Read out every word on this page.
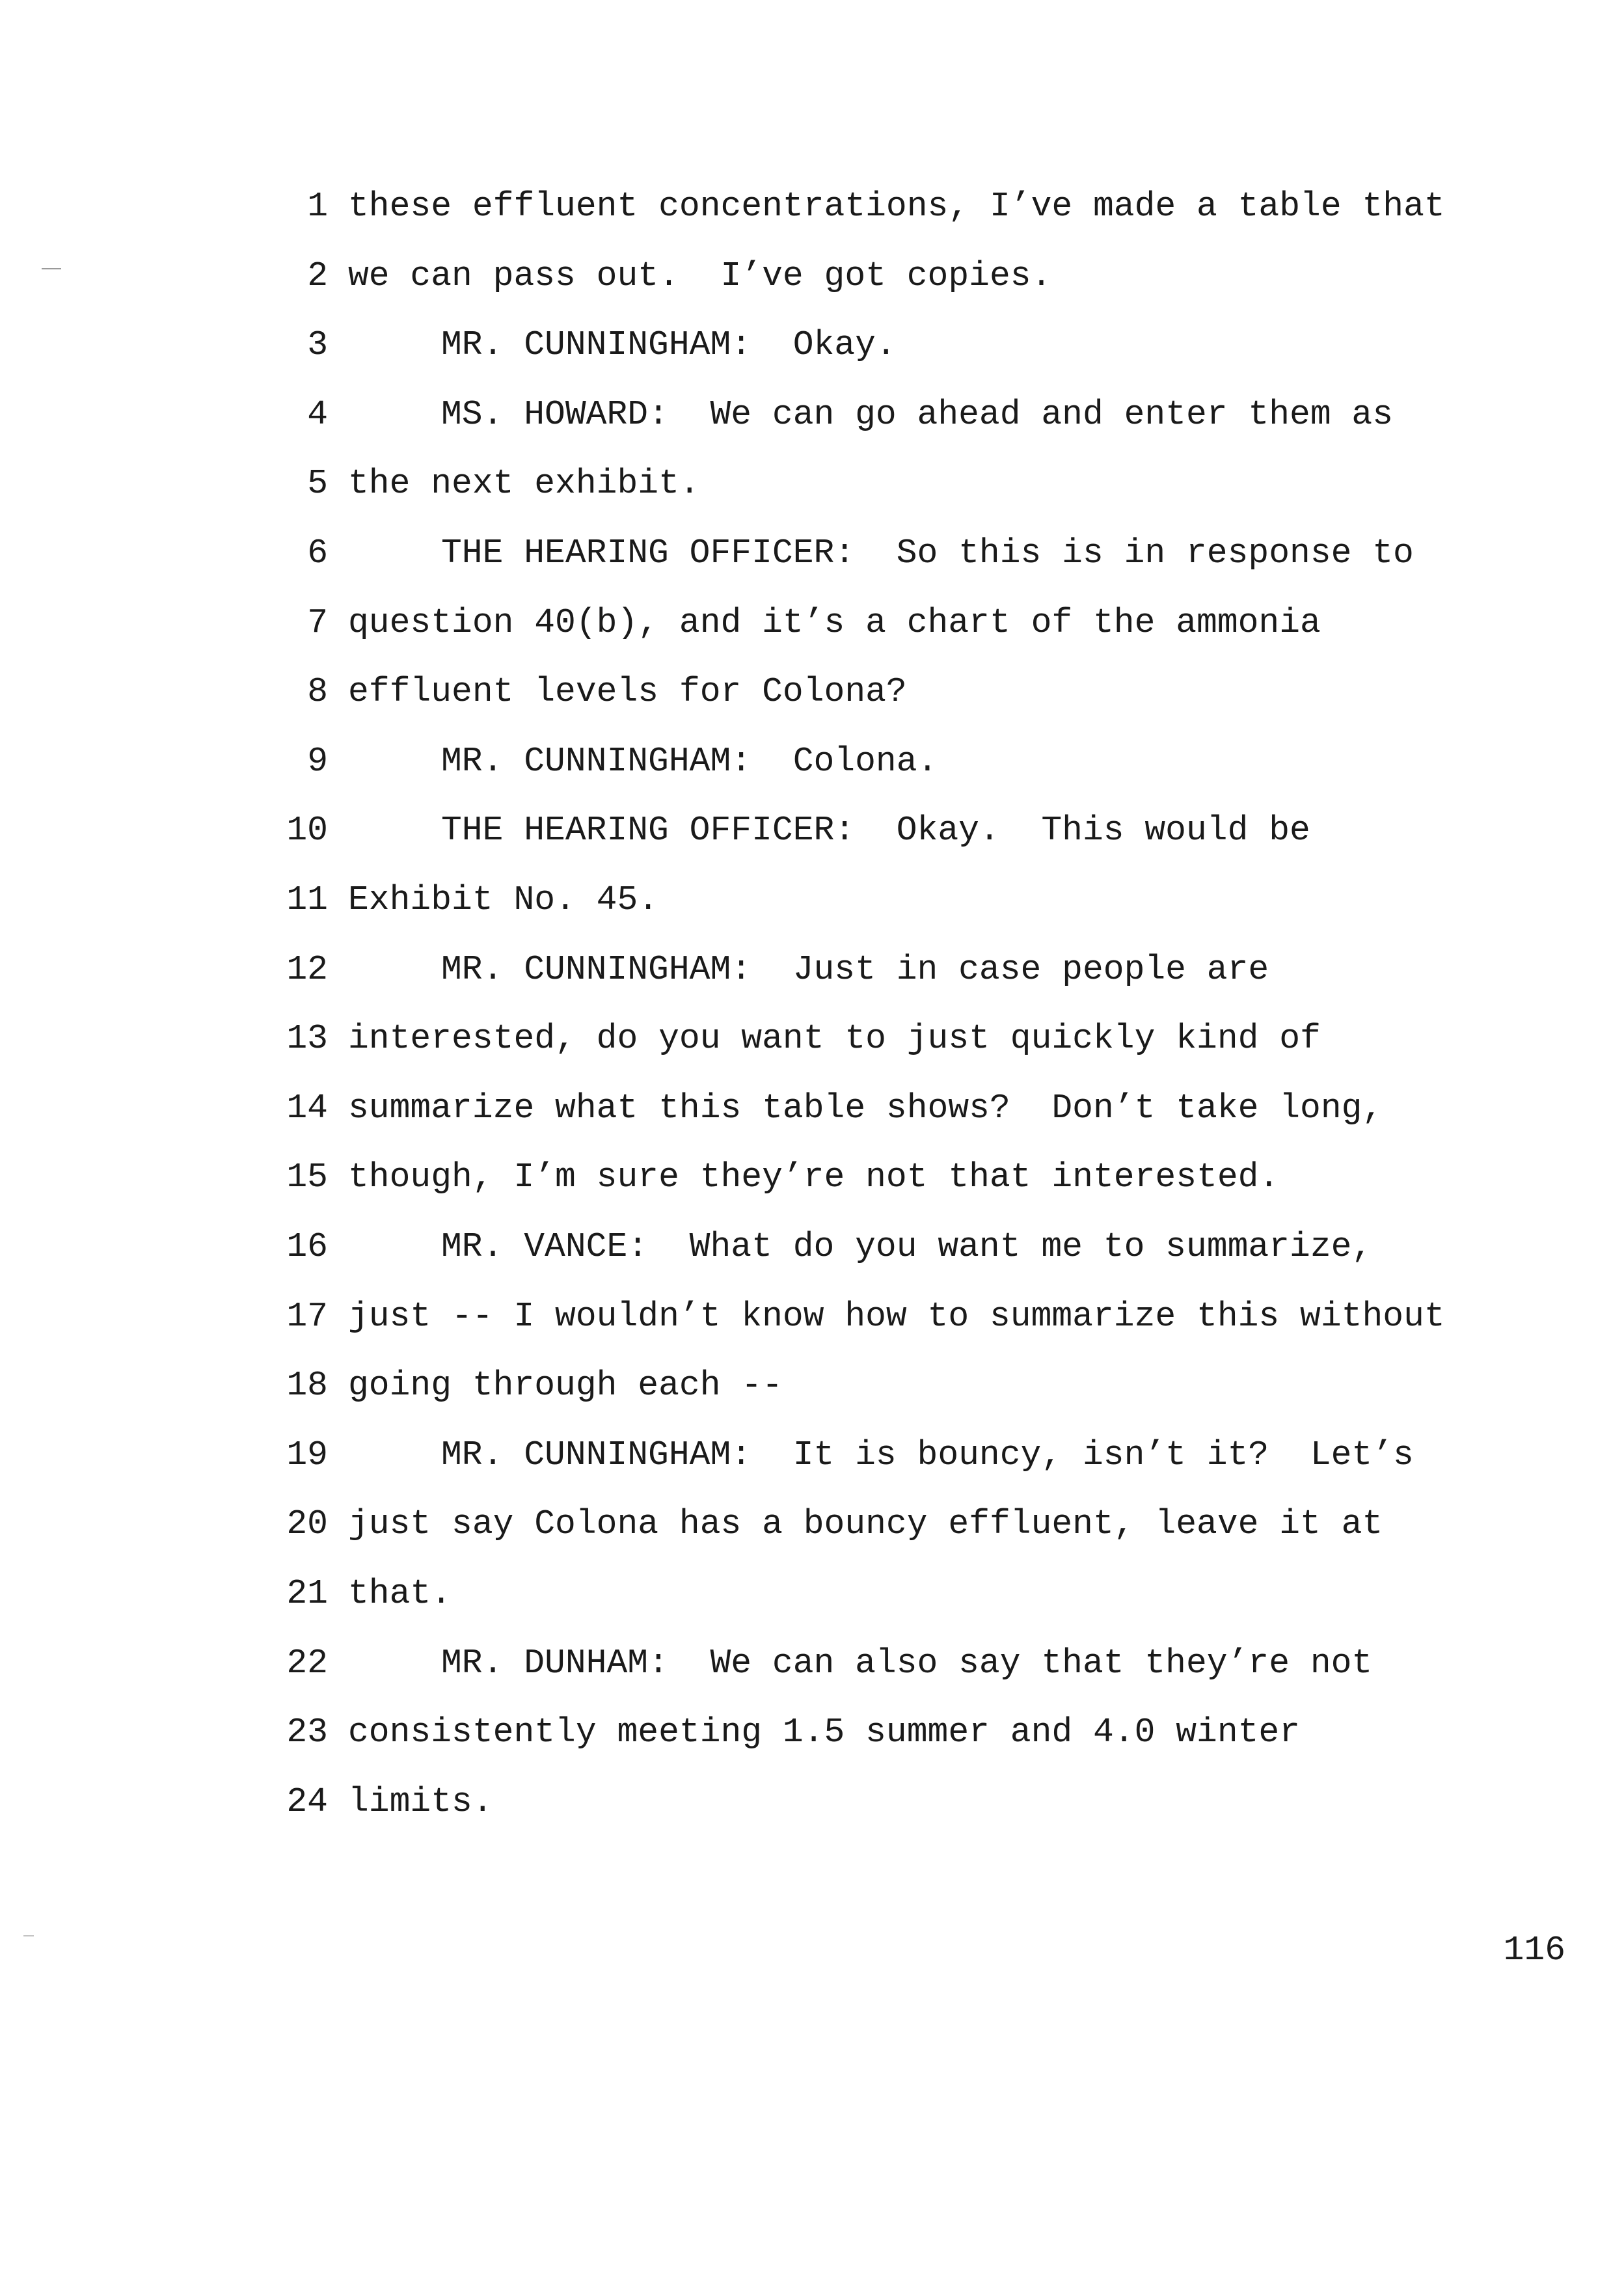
1 these effluent concentrations, I’ve made a table that
2 we can pass out.  I’ve got copies.
3	MR. CUNNINGHAM:  Okay.
4	MS. HOWARD:  We can go ahead and enter them as
5 the next exhibit.
6	THE HEARING OFFICER:  So this is in response to
7 question 40(b), and it’s a chart of the ammonia
8 effluent levels for Colona?
9	MR. CUNNINGHAM:  Colona.
10	THE HEARING OFFICER:  Okay.  This would be
11 Exhibit No. 45.
12	MR. CUNNINGHAM:  Just in case people are
13 interested, do you want to just quickly kind of
14 summarize what this table shows?  Don’t take long,
15 though, I’m sure they’re not that interested.
16	MR. VANCE:  What do you want me to summarize,
17 just -- I wouldn’t know how to summarize this without
18 going through each --
19	MR. CUNNINGHAM:  It is bouncy, isn’t it?  Let’s
20 just say Colona has a bouncy effluent, leave it at
21 that.
22	MR. DUNHAM:  We can also say that they’re not
23 consistently meeting 1.5 summer and 4.0 winter
24 limits.
116
